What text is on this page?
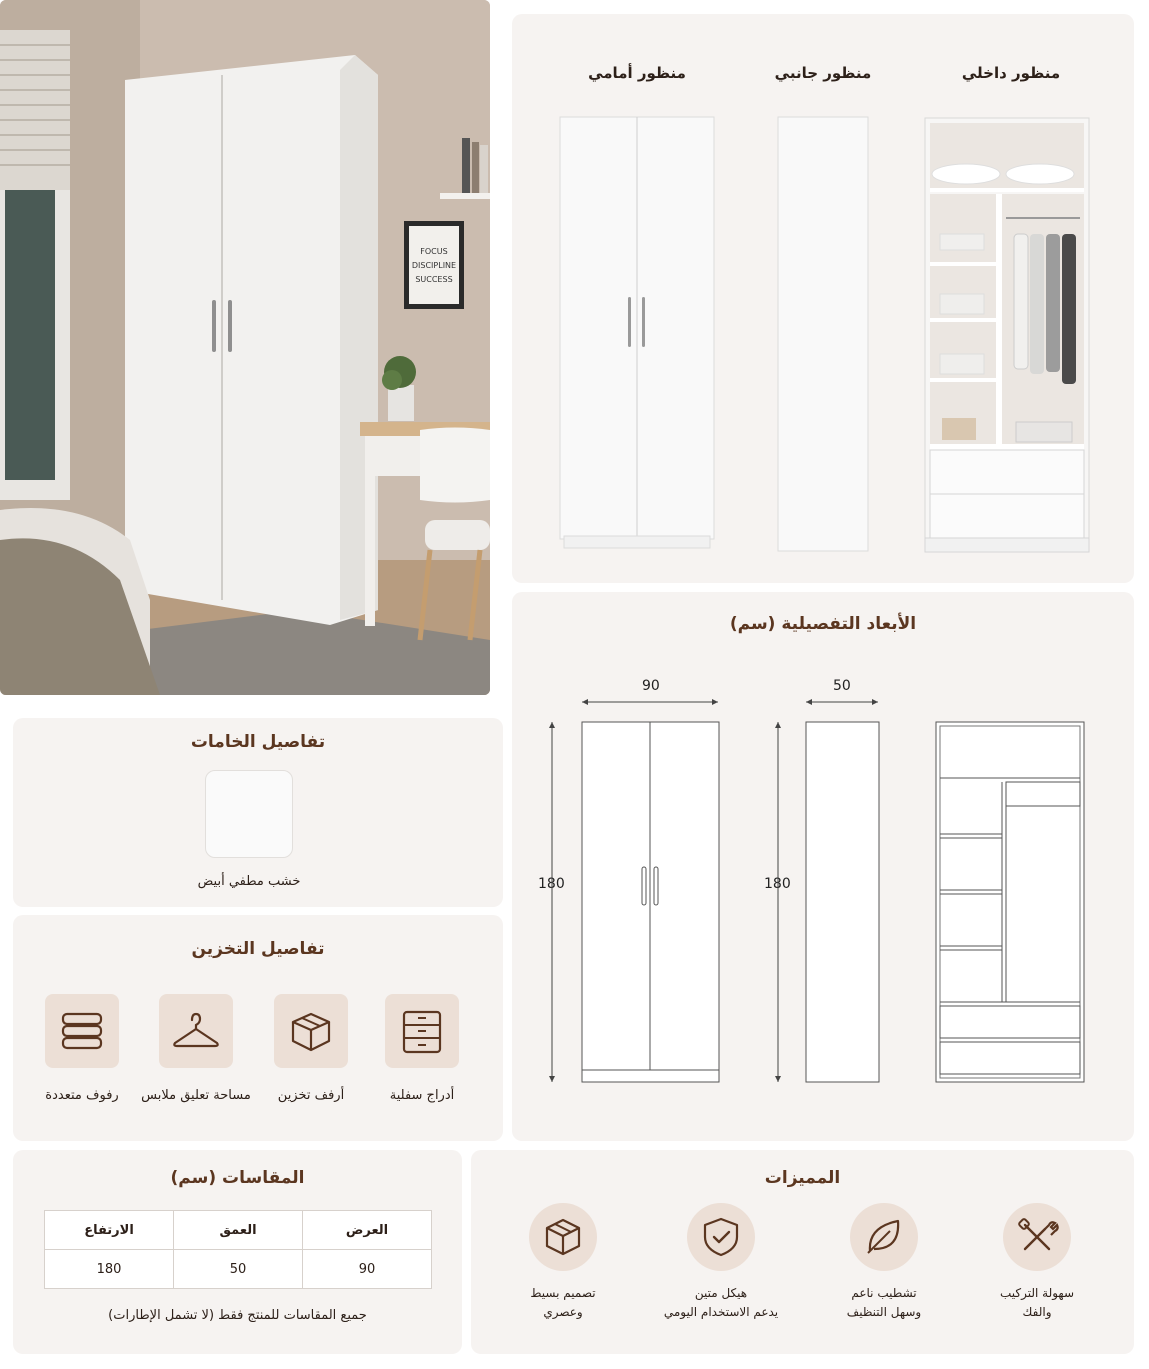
FOCUS
DISCIPLINE
SUCCESS
منظور أمامي	منظور جانبي	منظور داخلي
الأبعاد التفصيلية (سم)
90	50
180	180
تفاصيل الخامات
خشب مطفي أبيض
تفاصيل التخزين
أدراج سفلية
أرفف تخزين
مساحة تعليق ملابس
رفوف متعددة
المقاسات (سم)
العرض	العمق	الارتفاع
90	50	180
جميع المقاسات للمنتج فقط (لا تشمل الإطارات)
المميزات
سهولة التركيب
والفك
تشطيب ناعم
وسهل التنظيف
هيكل متين
يدعم الاستخدام اليومي
تصميم بسيط
وعصري
